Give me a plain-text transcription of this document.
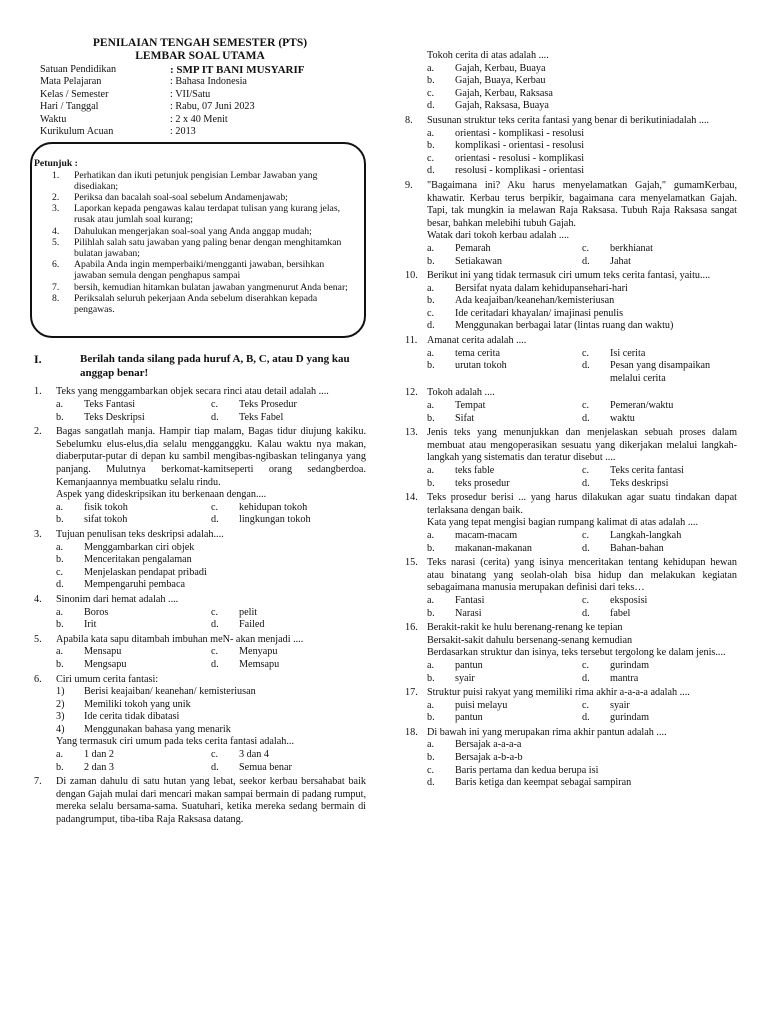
PENILAIAN TENGAH SEMESTER (PTS)
LEMBAR SOAL UTAMA
Satuan Pendidikan	: SMP IT BANI MUSYARIF
Mata Pelajaran	: Bahasa Indonesia
Kelas / Semester	: VII/Satu
Hari / Tanggal	: Rabu, 07 Juni 2023
Waktu	: 2 x 40 Menit
Kurikulum Acuan	: 2013
Petunjuk :
1.	Perhatikan dan ikuti petunjuk pengisian Lembar Jawaban yang disediakan;
2.	Periksa dan bacalah soal-soal sebelum Andamenjawab;
3.	Laporkan kepada pengawas kalau terdapat tulisan yang kurang jelas, rusak atau jumlah soal kurang;
4.	Dahulukan mengerjakan soal-soal yang Anda anggap mudah;
5.	Pilihlah salah satu jawaban yang paling benar dengan menghitamkan bulatan jawaban;
6.	Apabila Anda ingin memperbaiki/mengganti jawaban, bersihkan jawaban semula dengan penghapus sampai
7.	bersih, kemudian hitamkan bulatan jawaban yangmenurut Anda benar;
8.	Periksalah seluruh pekerjaan Anda sebelum diserahkan kepada pengawas.
I.	Berilah tanda silang pada huruf A, B, C, atau D yang kau anggap benar!
1.	Teks yang menggambarkan objek secara rinci atau detail adalah ....
a.	Teks Fantasi	c.	Teks Prosedur
b.	Teks Deskripsi	d.	Teks Fabel
2.	Bagas sangatlah manja. Hampir tiap malam, Bagas tidur diujung kakiku. Sebelumku elus-elus,dia selalu mengganggku. Kalau waktu nya makan, diaberputar-putar di depan ku sambil mengibas-ngibaskan telinganya yang panjang. Mulutnya berkomat-kamitseperti orang sedangberdoa. Kemanjaannya membuatku selalu rindu.
Aspek yang dideskripsikan itu berkenaan dengan....
a.	fisik tokoh	c.	kehidupan tokoh
b.	sifat tokoh	d.	lingkungan tokoh
3.	Tujuan penulisan teks deskripsi adalah....
a.	Menggambarkan ciri objek
b.	Menceritakan pengalaman
c.	Menjelaskan pendapat pribadi
d.	Mempengaruhi pembaca
4.	Sinonim dari hemat adalah ....
a.	Boros	c.	pelit
b.	Irit	d.	Failed
5.	Apabila kata sapu ditambah imbuhan meN- akan menjadi ....
a.	Mensapu	c.	Menyapu
b.	Mengsapu	d.	Memsapu
6.	Ciri umum cerita fantasi:
1)	Berisi keajaiban/ keanehan/ kemisteriusan
2)	Memiliki tokoh yang unik
3)	Ide cerita tidak dibatasi
4)	Menggunakan bahasa yang menarik
Yang termasuk ciri umum pada teks cerita fantasi adalah...
a.	1 dan 2	c.	3 dan 4
b.	2 dan 3	d.	Semua benar
7.	Di zaman dahulu di satu hutan yang lebat, seekor kerbau bersahabat baik dengan Gajah mulai dari mencari makan sampai bermain di padang rumput, mereka selalu bersama-sama. Suatuhari, ketika mereka sedang bermain di padangrumput, tiba-tiba Raja Raksasa datang.
Tokoh cerita di atas adalah ....
a.	Gajah, Kerbau, Buaya
b.	Gajah, Buaya, Kerbau
c.	Gajah, Kerbau, Raksasa
d.	Gajah, Raksasa, Buaya
8.	Susunan struktur teks cerita fantasi yang benar di berikutiniadalah ....
a.	orientasi - komplikasi - resolusi
b.	komplikasi - orientasi - resolusi
c.	orientasi - resolusi - komplikasi
d.	resolusi - komplikasi - orientasi
9.	"Bagaimana ini? Aku harus menyelamatkan Gajah," gumamKerbau, khawatir. Kerbau terus berpikir, bagaimana cara menyelamatkan Gajah. Tapi, tak mungkin ia melawan Raja Raksasa. Tubuh Raja Raksasa sangat besar, bahkan melebihi tubuh Gajah.
Watak dari tokoh kerbau adalah ....
a.	Pemarah	c.	berkhianat
b.	Setiakawan	d.	Jahat
10. Berikut ini yang tidak termasuk ciri umum teks cerita fantasi, yaitu....
a.	Bersifat nyata dalam kehidupansehari-hari
b.	Ada keajaiban/keanehan/kemisteriusan
c.	Ide ceritadari khayalan/ imajinasi penulis
d.	Menggunakan berbagai latar (lintas ruang dan waktu)
11. Amanat cerita adalah ....
a.	tema cerita	c.	Isi cerita
b.	urutan tokoh	d.	Pesan yang disampaikan melalui cerita
12. Tokoh adalah ....
a.	Tempat	c.	Pemeran/waktu
b.	Sifat	d.	waktu
13. Jenis teks yang menunjukkan dan menjelaskan sebuah proses dalam membuat atau mengoperasikan sesuatu yang dikerjakan melalui langkah-langkah yang sistematis dan teratur disebut ....
a.	teks fable	c.	Teks cerita fantasi
b.	teks prosedur	d.	Teks deskripsi
14. Teks prosedur berisi ... yang harus dilakukan agar suatu tindakan dapat terlaksana dengan baik.
Kata yang tepat mengisi bagian rumpang kalimat di atas adalah ....
a.	macam-macam	c.	Langkah-langkah
b.	makanan-makanan	d.	Bahan-bahan
15. Teks narasi (cerita) yang isinya menceritakan tentang kehidupan hewan atau binatang yang seolah-olah bisa hidup dan melakukan kegiatan sebagaimana manusia merupakan definisi dari teks…
a.	Fantasi	c.	eksposisi
b.	Narasi	d.	fabel
16. Berakit-rakit ke hulu berenang-renang ke tepian
Bersakit-sakit dahulu bersenang-senang kemudian
Berdasarkan struktur dan isinya, teks tersebut tergolong ke dalam jenis....
a.	pantun	c.	gurindam
b.	syair	d.	mantra
17. Struktur puisi rakyat yang memiliki rima akhir a-a-a-a adalah ....
a.	puisi melayu	c.	syair
b.	pantun	d.	gurindam
18. Di bawah ini yang merupakan rima akhir pantun adalah ....
a.	Bersajak a-a-a-a
b.	Bersajak a-b-a-b
c.	Baris pertama dan kedua berupa isi
d.	Baris ketiga dan keempat sebagai sampiran
